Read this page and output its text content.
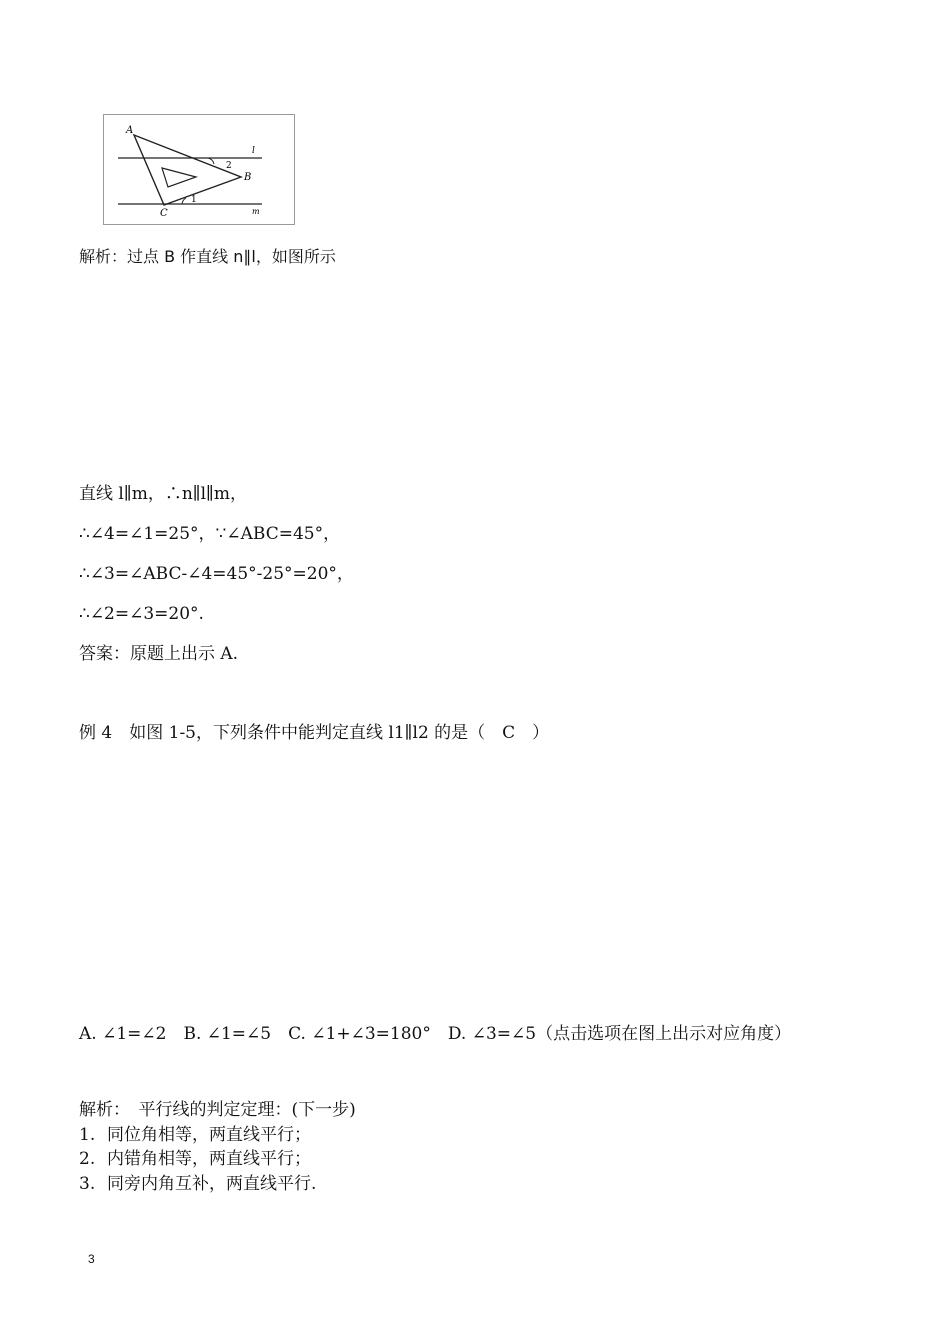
A
B
C
l
m
2
1
解析：过点 B 作直线 n∥l，如图所示
直线 l∥m，∴n∥l∥m，
∴∠4=∠1=25°，∵∠ABC=45°，
∴∠3=∠ABC-∠4=45°-25°=20°，
∴∠2=∠3=20°.
答案：原题上出示 A.
例 4　如图 1-5，下列条件中能判定直线 l1∥l2 的是（　C　）
A. ∠1=∠2　B. ∠1=∠5　C. ∠1+∠3=180°　D. ∠3=∠5（点击选项在图上出示对应角度）
解析：　平行线的判定定理：(下一步)
1. 同位角相等，两直线平行；
2. 内错角相等，两直线平行；
3. 同旁内角互补，两直线平行.
3
